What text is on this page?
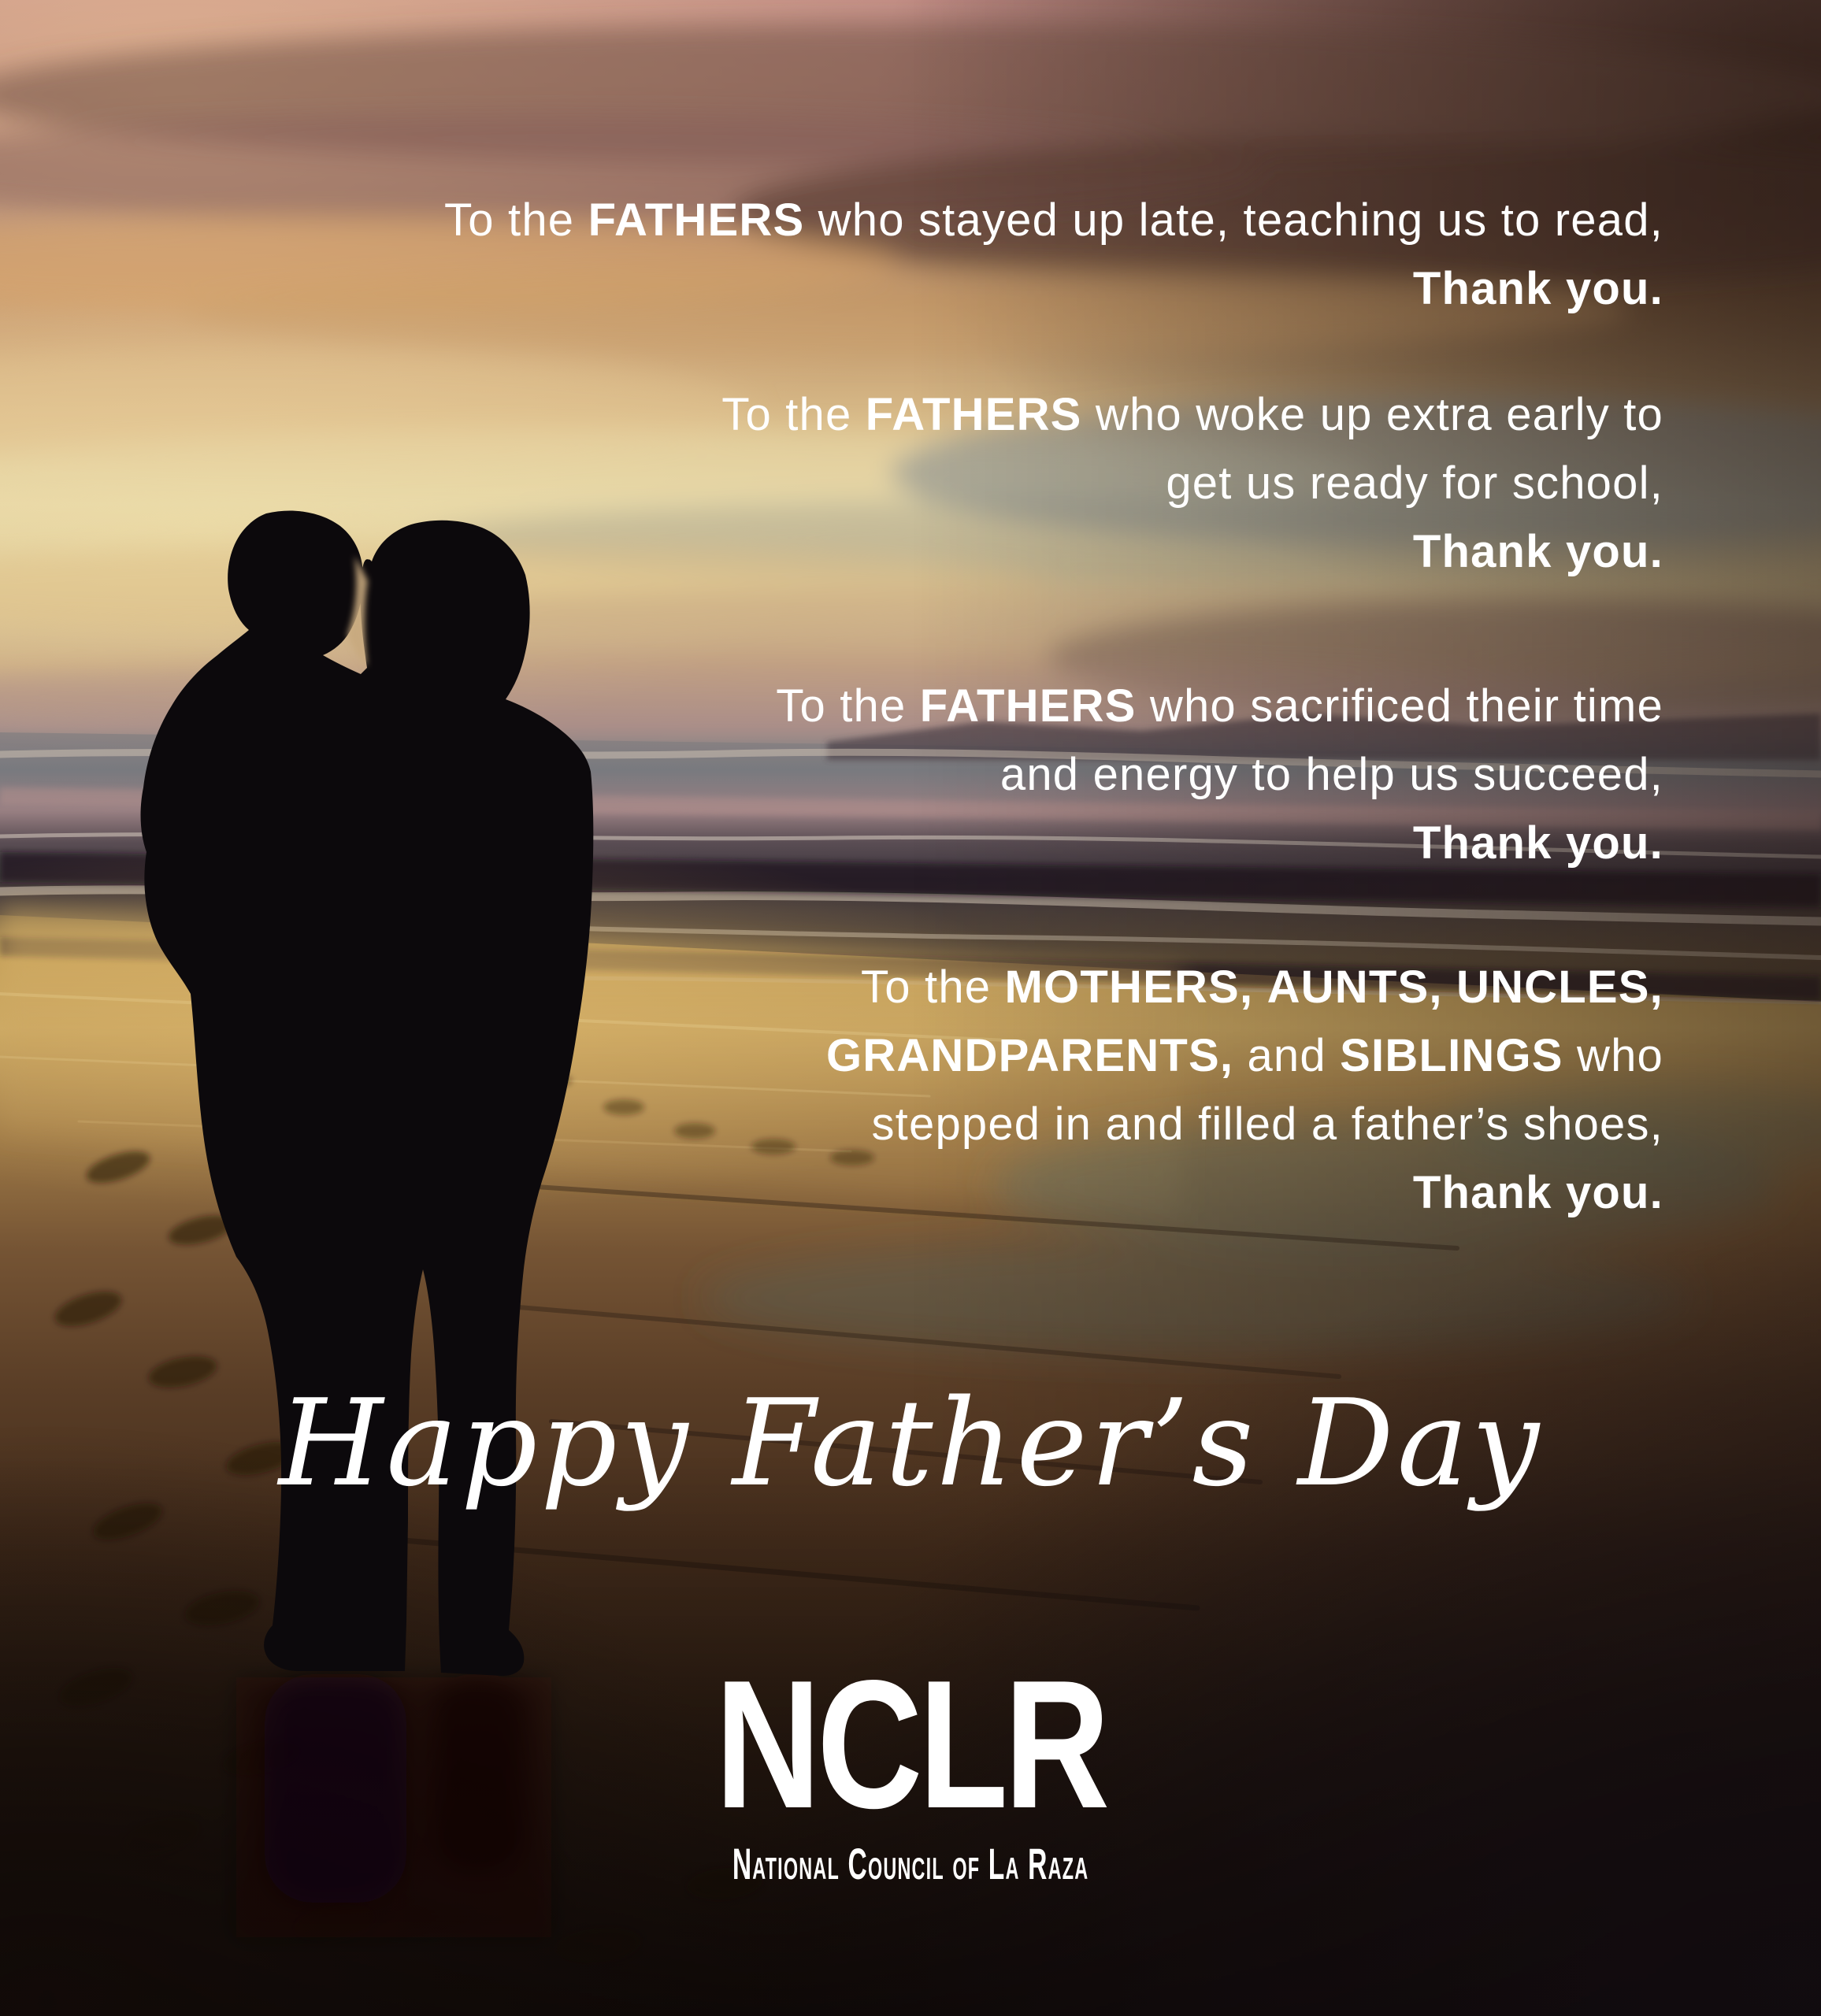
To the FATHERS who stayed up late, teaching us to read,
Thank you.
To the FATHERS who woke up extra early to
get us ready for school,
Thank you.
To the FATHERS who sacrificed their time
and energy to help us succeed,
Thank you.
To the MOTHERS, AUNTS, UNCLES,
GRANDPARENTS, and SIBLINGS who
stepped in and filled a father’s shoes,
Thank you.
Happy Father’s Day
NCLR
National Council of La Raza
